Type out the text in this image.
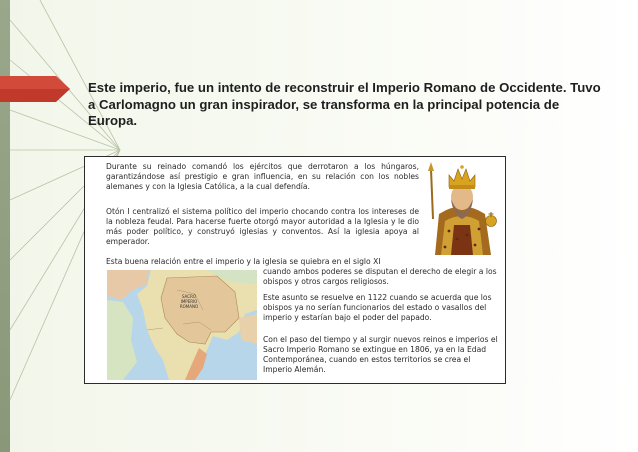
Este imperio, fue un intento de reconstruir el Imperio Romano de Occidente. Tuvo a Carlomagno un gran inspirador, se transforma en la principal potencia de Europa.

Durante su reinado comandó los ejércitos que derrotaron a los húngaros, garantizándose así prestigio e gran influencia, en su relación con los nobles alemanes y con la Iglesia Católica, a la cual defendía.

Otón I centralizó el sistema político del imperio chocando contra los intereses de la nobleza feudal. Para hacerse fuerte otorgó mayor autoridad a la Iglesia y le dio más poder político, y construyó iglesias y conventos. Así la iglesia apoya al emperador.

Esta buena relación entre el imperio y la iglesia se quiebra en el siglo XI

cuando ambos poderes se disputan el derecho de elegir a los obispos y otros cargos religiosos.

Este asunto se resuelve en 1122 cuando se acuerda que los obispos ya no serían funcionarios del estado o vasallos del imperio y estarían bajo el poder del papado.

Con el paso del tiempo y al surgir nuevos reinos e imperios el Sacro Imperio Romano se extingue en 1806, ya en la Edad Contemporánea, cuando en estos territorios se crea el Imperio Alemán.

SACRO
IMPERIO
ROMANO
